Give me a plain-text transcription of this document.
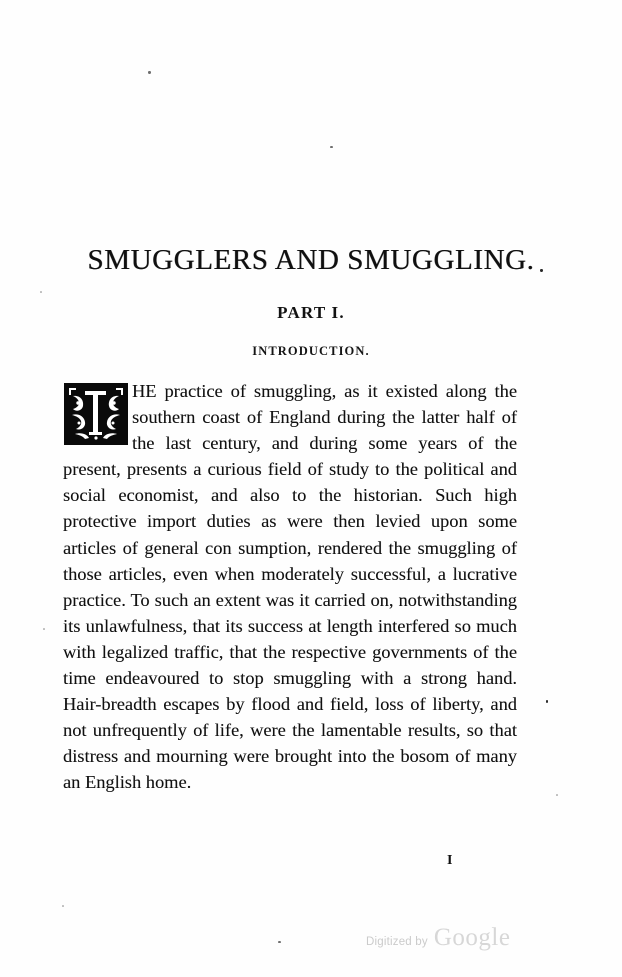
SMUGGLERS AND SMUGGLING.
PART I.
INTRODUCTION.

HE practice of smuggling, as it existed along the southern coast of England during the latter half of the last century, and during some years of the present, presents a curious field of study to the political and social economist, and also to the historian. Such high protective import duties as were then levied upon some articles of general con sumption, rendered the smuggling of those articles, even when moderately successful, a lucrative practice. To such an extent was it carried on, notwithstanding its unlawfulness, that its success at length interfered so much with legalized traffic, that the respective governments of the time endeavoured to stop smuggling with a strong hand. Hair-breadth escapes by flood and field, loss of liberty, and not unfrequently of life, were the lamentable results, so that distress and mourning were brought into the bosom of many an English home.

I
Digitized by Google
